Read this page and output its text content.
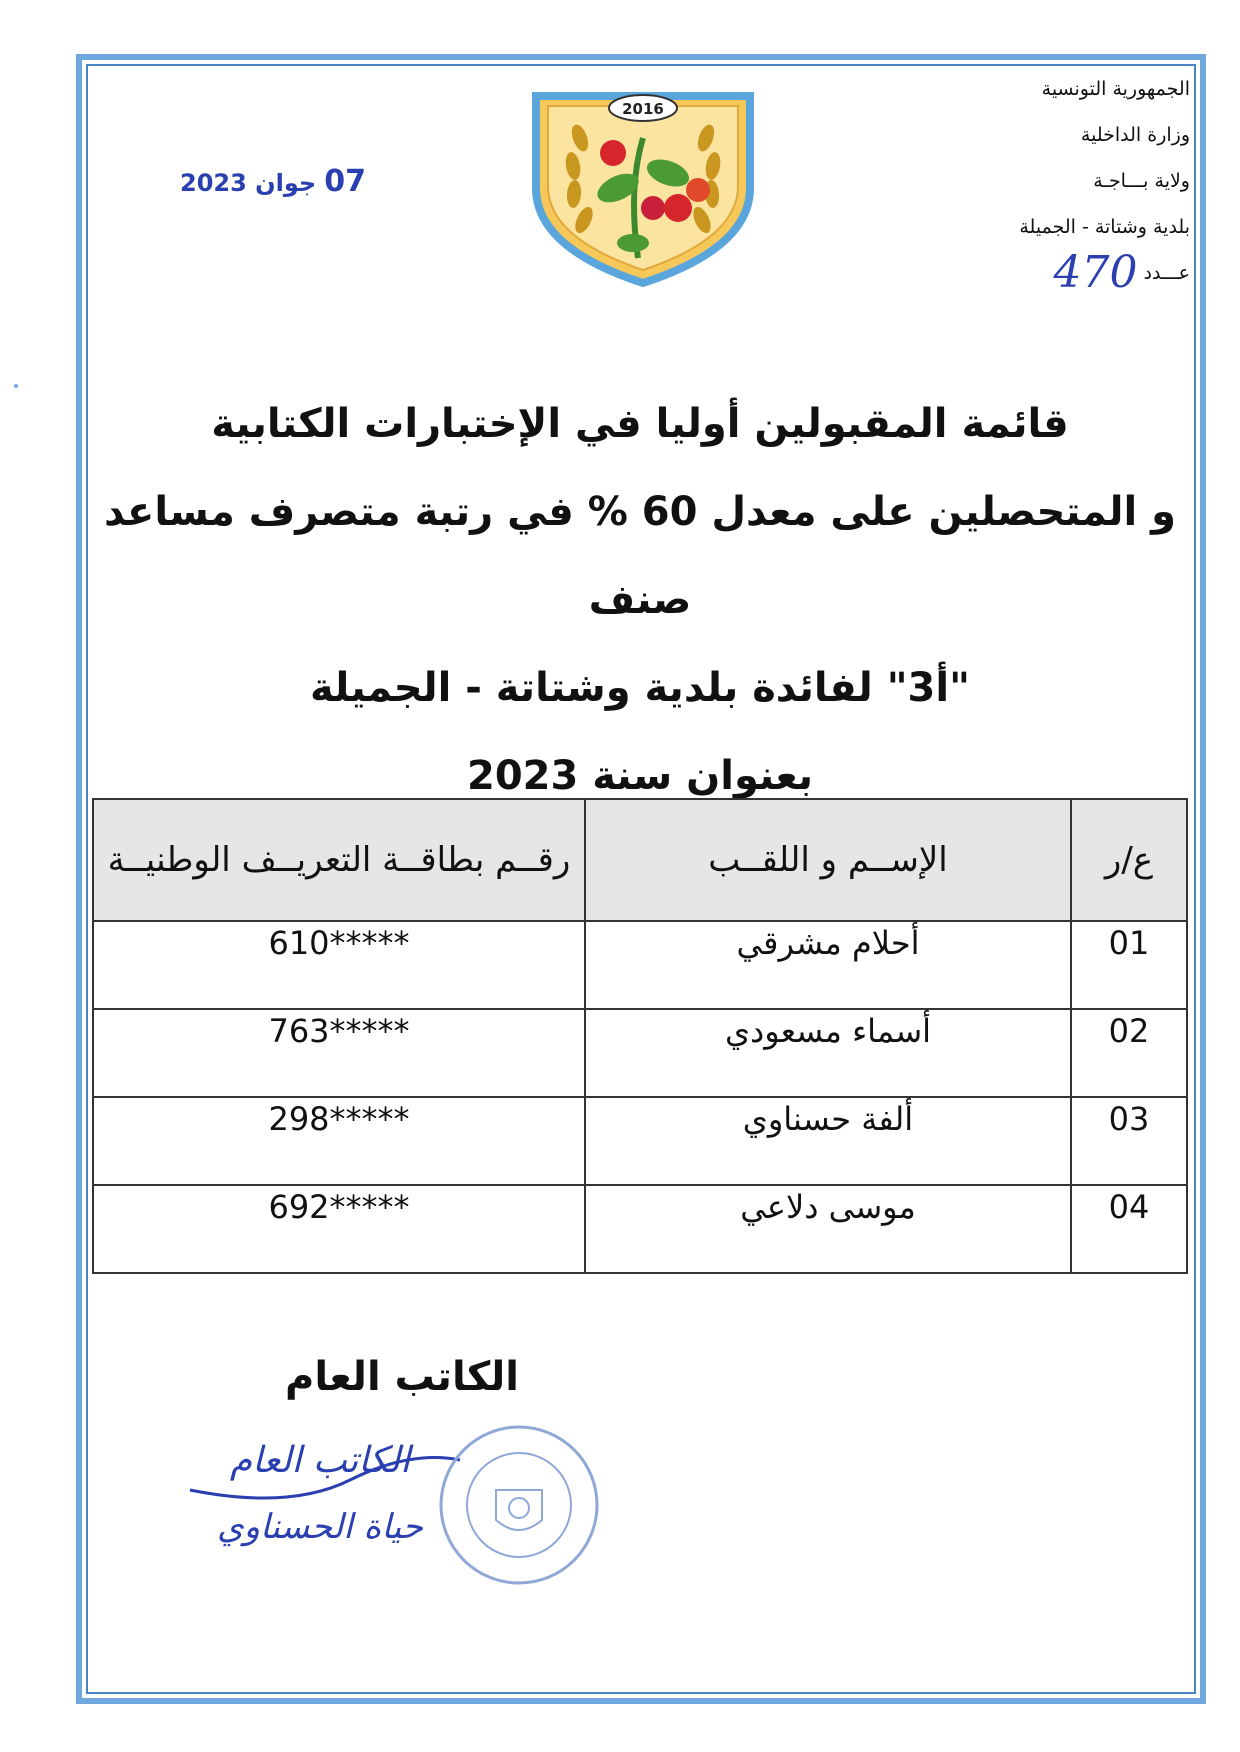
الجمهورية التونسية
وزارة الداخلية
ولاية بـــاجـة
بلدية وشتاتة - الجميلة
عـــدد
470
07
جوان 2023
2016
قائمة المقبولين أوليا في الإختبارات الكتابية
و المتحصلين على معدل 60 % في رتبة متصرف مساعد صنف
"أ3" لفائدة بلدية وشتاتة - الجميلة
بعنوان سنة 2023
ع/ر	الإســم و اللقــب	رقــم بطاقــة التعريــف الوطنيــة
01	أحلام مشرقي	*****610
02	أسماء مسعودي	*****763
03	ألفة حسناوي	*****298
04	موسى دلاعي	*****692
الكاتب العام
الكاتب العام
حياة الحسناوي
